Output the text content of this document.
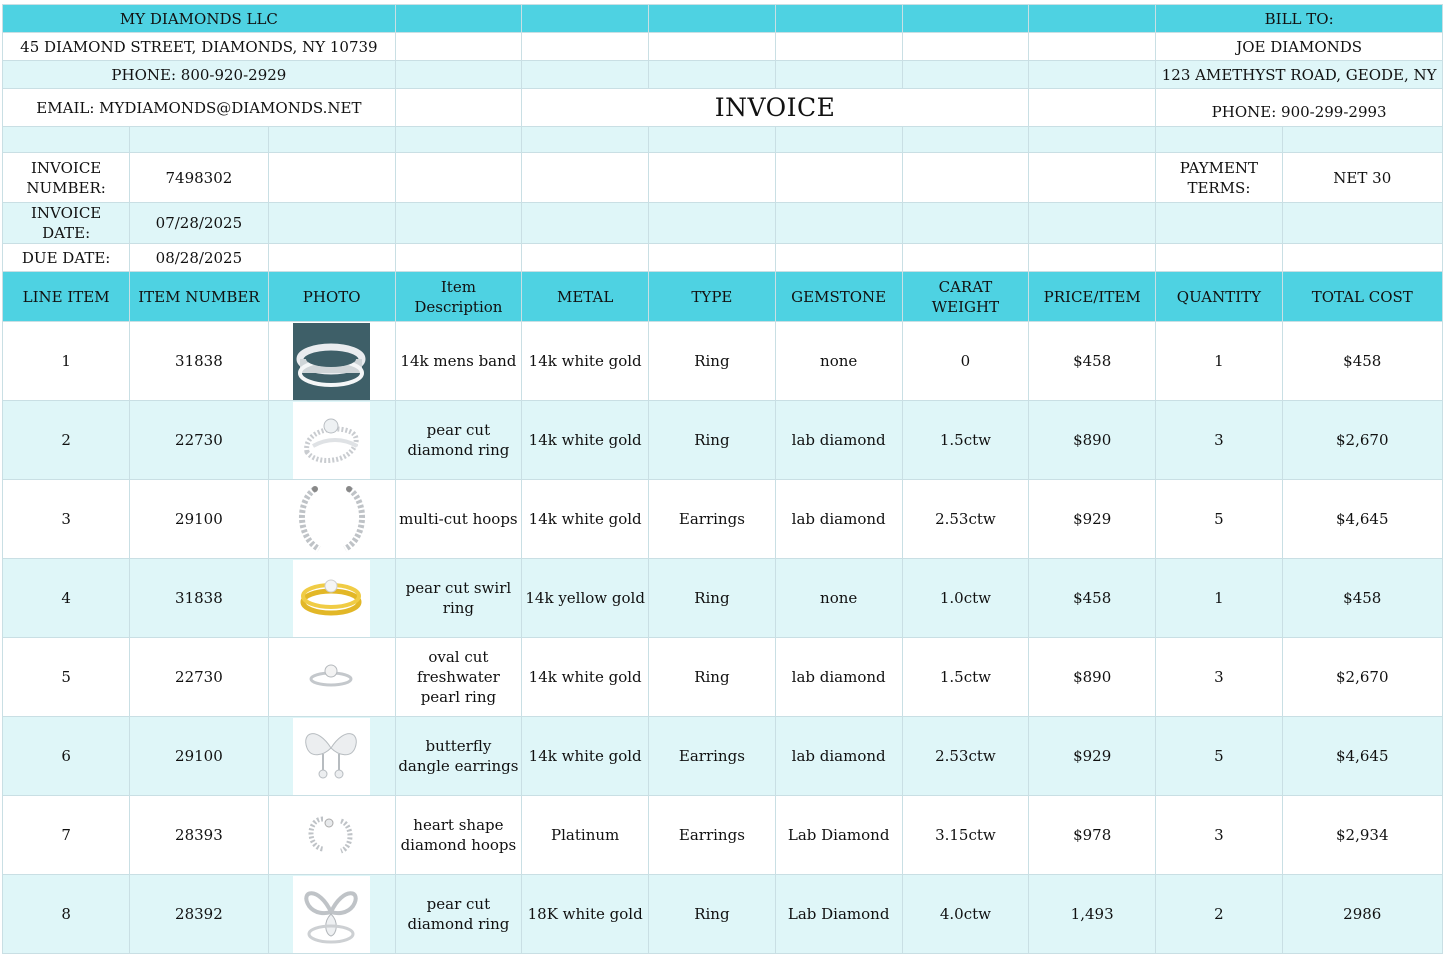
MY DIAMONDS LLC									BILL TO:	
45 DIAMOND STREET, DIAMONDS, NY 10739									JOE DIAMONDS	
PHONE: 800-920-2929									123 AMETHYST ROAD, GEODE, NY	
EMAIL: MYDIAMONDS@DIAMONDS.NET				INVOICE					PHONE: 900-299-2993	

INVOICE NUMBER:	7498302								PAYMENT TERMS:	NET 30
INVOICE DATE:	07/28/2025									
DUE DATE:	08/28/2025									
LINE ITEM	ITEM NUMBER	PHOTO	Item Description	METAL	TYPE	GEMSTONE	CARAT WEIGHT	PRICE/ITEM	QUANTITY	TOTAL COST
1	31838		14k mens band	14k white gold	Ring	none	0	$458	1	$458
2	22730		pear cut diamond ring	14k white gold	Ring	lab diamond	1.5ctw	$890	3	$2,670
3	29100		multi-cut hoops	14k white gold	Earrings	lab diamond	2.53ctw	$929	5	$4,645
4	31838		pear cut swirl ring	14k yellow gold	Ring	none	1.0ctw	$458	1	$458
5	22730		oval cut freshwater pearl ring	14k white gold	Ring	lab diamond	1.5ctw	$890	3	$2,670
6	29100		butterfly dangle earrings	14k white gold	Earrings	lab diamond	2.53ctw	$929	5	$4,645
7	28393		heart shape diamond hoops	Platinum	Earrings	Lab Diamond	3.15ctw	$978	3	$2,934
8	28392		pear cut diamond ring	18K white gold	Ring	Lab Diamond	4.0ctw	1,493	2	2986
